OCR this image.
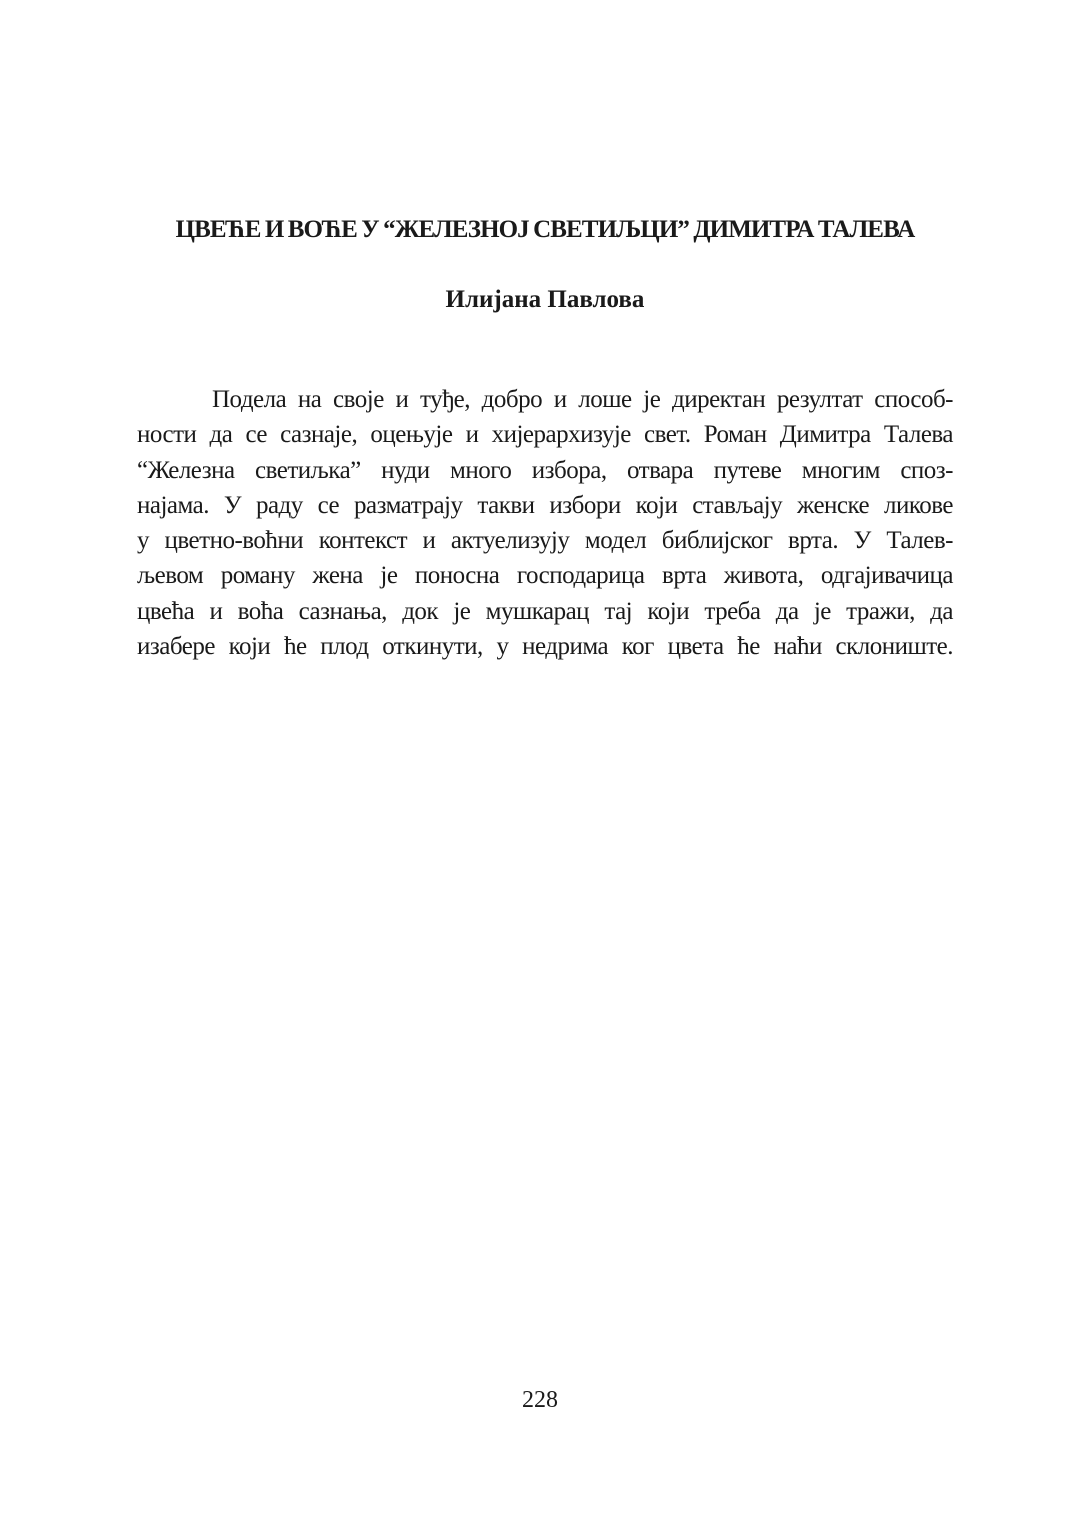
ЦВЕЋЕ И ВОЋЕ У “ЖЕЛЕЗНОЈ СВЕТИЉЦИ” ДИМИТРА ТАЛЕВА
Илијана Павлова

Подела на своје и туђе, добро и лоше је директан резултат способ-
ности да се сазнаје, оцењује и хијерархизује свет. Роман Димитра Талева
“Железна светиљка” нуди много избора, отвара путеве многим спoз-
најама. У раду се разматрају такви избори који стављају женске ликове
у цветно-воћни контекст и актуелизују модел библијског врта. У Талев-
љевом роману жена је поносна господарица врта живота, одгајивачица
цвећа и воћа сазнања, док је мушкарац тај који треба да је тражи, да
изабере који ће плод откинути, у недрима ког цвета ће наћи склониште.

228
